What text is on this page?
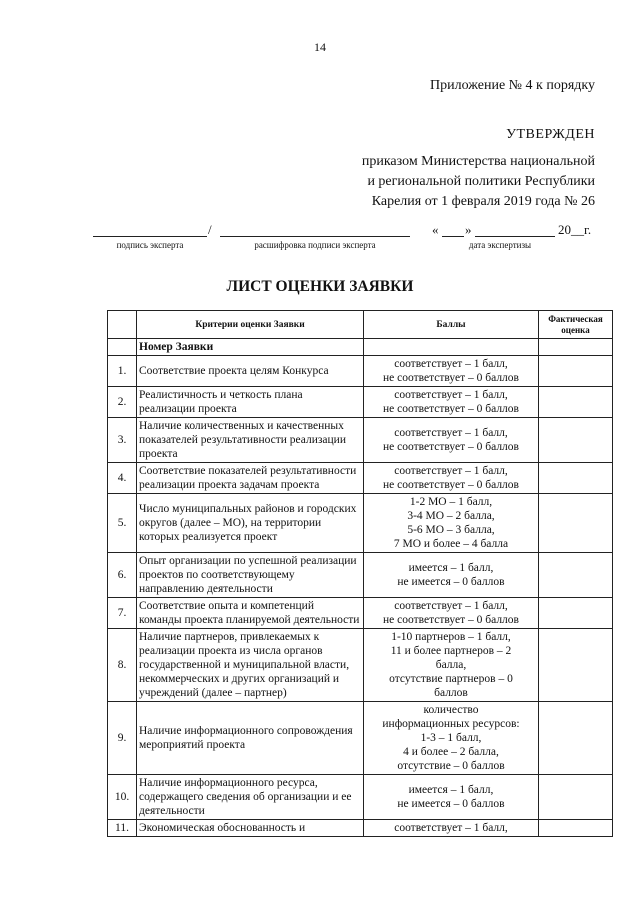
14
Приложение № 4 к порядку
УТВЕРЖДЕН
приказом Министерства национальной
и региональной политики Республики
Карелия от 1 февраля 2019 года № 26
/	« »	20__г.
подпись эксперта	расшифровка подписи эксперта	дата экспертизы
ЛИСТ ОЦЕНКИ ЗАЯВКИ
	Критерии оценки Заявки	Баллы	Фактическая
оценка

	Номер Заявки		
1.	Соответствие проекта целям Конкурса	соответствует – 1 балл,
не соответствует – 0 баллов	

2.	Реалистичность и четкость плана
реализации проекта	соответствует – 1 балл,
не соответствует – 0 баллов	

3.	Наличие количественных и качественных
показателей результативности реализации
проекта	соответствует – 1 балл,
не соответствует – 0 баллов	

4.	Соответствие показателей результативности
реализации проекта задачам проекта	соответствует – 1 балл,
не соответствует – 0 баллов	

5.	Число муниципальных районов и городских
округов (далее – МО), на территории
которых реализуется проект	1-2 МО – 1 балл,
3-4 МО – 2 балла,
5-6 МО – 3 балла,
7 МО и более – 4 балла	

6.	Опыт организации по успешной реализации
проектов по соответствующему
направлению деятельности	имеется – 1 балл,
не имеется – 0 баллов	

7.	Соответствие опыта и компетенций
команды проекта планируемой деятельности	соответствует – 1 балл,
не соответствует – 0 баллов	

8.	Наличие партнеров, привлекаемых к
реализации проекта из числа органов
государственной и муниципальной власти,
некоммерческих и других организаций и
учреждений (далее – партнер)	1-10 партнеров – 1 балл,
11 и более партнеров – 2
балла,
отсутствие партнеров – 0
баллов	

9.	Наличие информационного сопровождения
мероприятий проекта	количество
информационных ресурсов:
1-3 – 1 балл,
4 и более – 2 балла,
отсутствие – 0 баллов	

10.	Наличие информационного ресурса,
содержащего сведения об организации и ее
деятельности	имеется – 1 балл,
не имеется – 0 баллов	

11.	Экономическая обоснованность и	соответствует – 1 балл,	
